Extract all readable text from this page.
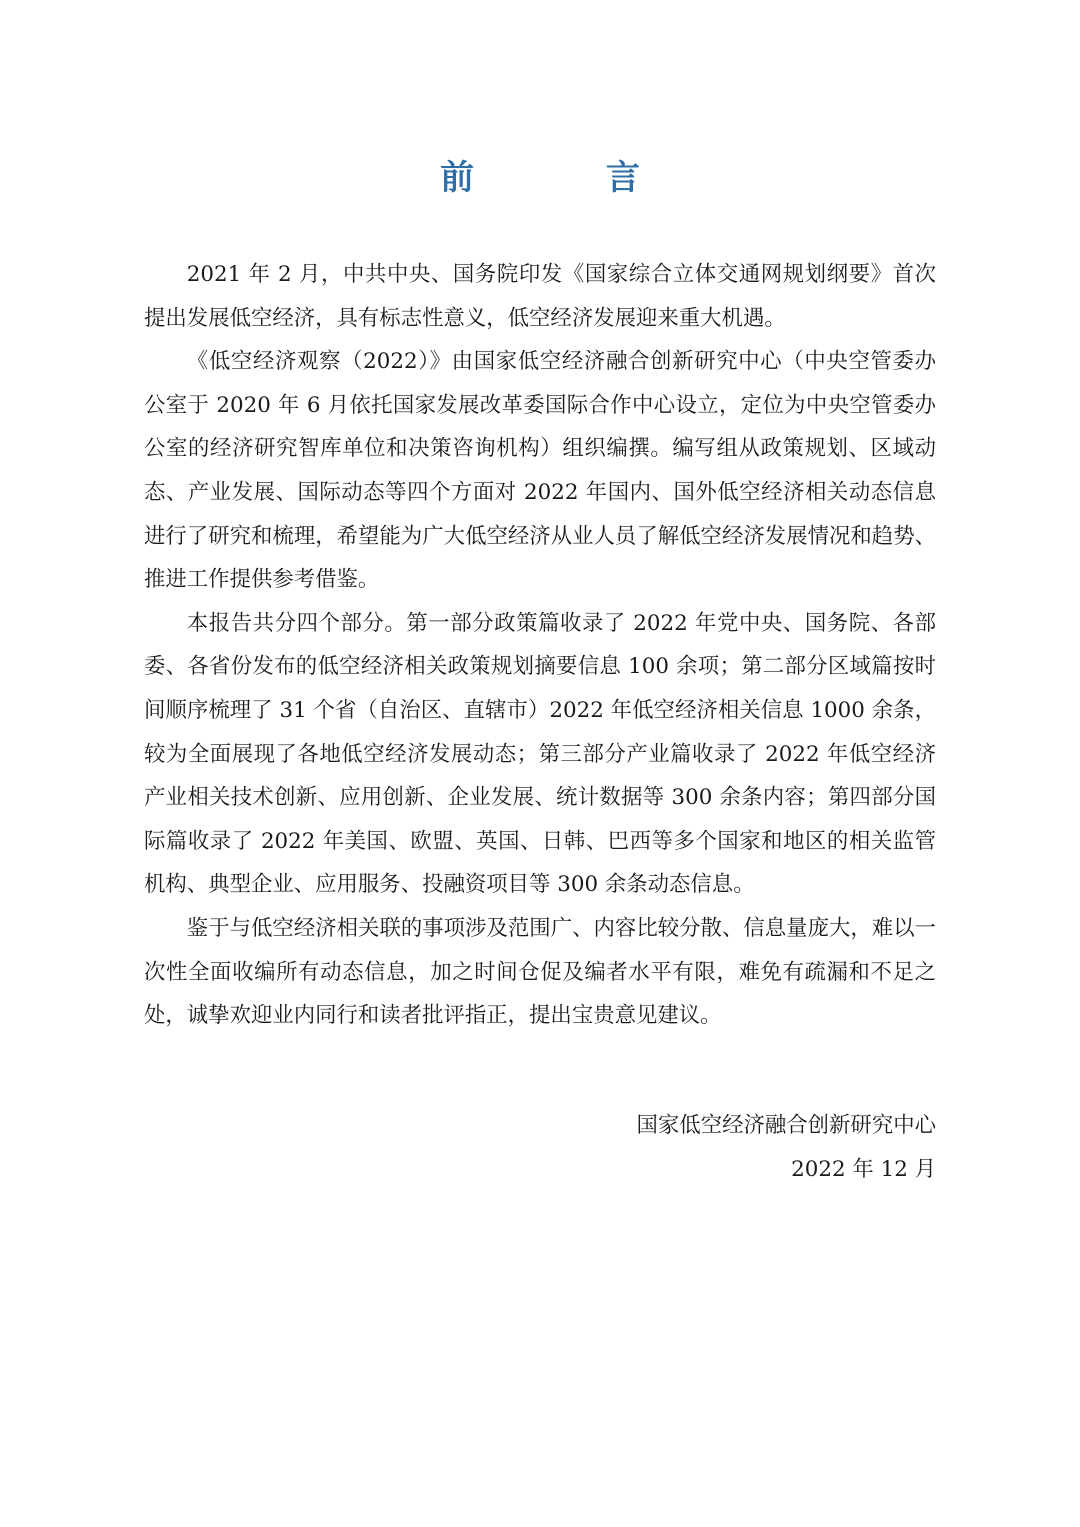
前 言

2021 年 2 月，中共中央、国务院印发《国家综合立体交通网规划纲要》首次提出发展低空经济，具有标志性意义，低空经济发展迎来重大机遇。

《低空经济观察（2022）》由国家低空经济融合创新研究中心（中央空管委办公室于 2020 年 6 月依托国家发展改革委国际合作中心设立，定位为中央空管委办公室的经济研究智库单位和决策咨询机构）组织编撰。编写组从政策规划、区域动态、产业发展、国际动态等四个方面对 2022 年国内、国外低空经济相关动态信息进行了研究和梳理，希望能为广大低空经济从业人员了解低空经济发展情况和趋势、推进工作提供参考借鉴。

本报告共分四个部分。第一部分政策篇收录了 2022 年党中央、国务院、各部委、各省份发布的低空经济相关政策规划摘要信息 100 余项；第二部分区域篇按时间顺序梳理了 31 个省（自治区、直辖市）2022 年低空经济相关信息 1000 余条，较为全面展现了各地低空经济发展动态；第三部分产业篇收录了 2022 年低空经济产业相关技术创新、应用创新、企业发展、统计数据等 300 余条内容；第四部分国际篇收录了 2022 年美国、欧盟、英国、日韩、巴西等多个国家和地区的相关监管机构、典型企业、应用服务、投融资项目等 300 余条动态信息。

鉴于与低空经济相关联的事项涉及范围广、内容比较分散、信息量庞大，难以一次性全面收编所有动态信息，加之时间仓促及编者水平有限，难免有疏漏和不足之处，诚挚欢迎业内同行和读者批评指正，提出宝贵意见建议。

国家低空经济融合创新研究中心
2022 年 12 月
